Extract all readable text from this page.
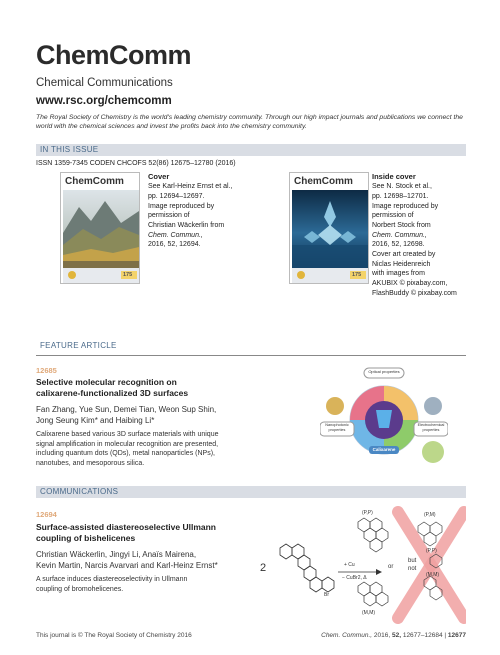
ChemComm
Chemical Communications
www.rsc.org/chemcomm
The Royal Society of Chemistry is the world's leading chemistry community. Through our high impact journals and publications we connect the world with the chemical sciences and invest the profits back into the chemistry community.
IN THIS ISSUE
ISSN 1359-7345 CODEN CHCOFS 52(86) 12675–12780 (2016)
ChemComm
175
Cover
See Karl-Heinz Ernst et al.,
pp. 12694–12697.
Image reproduced by
permission of
Christian Wäckerlin from
Chem. Commun.,
2016, 52, 12694.
ChemComm
175
Inside cover
See N. Stock et al.,
pp. 12698–12701.
Image reproduced by
permission of
Norbert Stock from
Chem. Commun.,
2016, 52, 12698.
Cover art created by
Niclas Heidenreich
with images from
AKUBIX © pixabay.com,
FlashBuddy © pixabay.com
FEATURE ARTICLE
12685
Selective molecular recognition on
calixarene-functionalized 3D surfaces
Fan Zhang, Yue Sun, Demei Tian, Weon Sup Shin,
Jong Seung Kim* and Haibing Li*
Calixarene based various 3D surface materials with unique
signal amplification in molecular recognition are presented,
including quantum dots (QDs), metal nanoparticles (NPs),
nanotubes, and mesoporous silica.
Optical properties
Nanophotonic properties
Electrochemical properties
Calixarene
COMMUNICATIONS
12694
Surface-assisted diastereoselective Ullmann
coupling of bishelicenes
Christian Wäckerlin, Jingyi Li, Anaïs Mairena,
Kevin Martin, Narcis Avarvari and Karl-Heinz Ernst*
A surface induces diastereoselectivity in Ullmann
coupling of bromohelicenes.
2
Br
+ Cu
− CuBr2, Δ
or
but
not
(P,P)
(M,M)
(P,M)
(P,P)
(M,M)
This journal is © The Royal Society of Chemistry 2016	Chem. Commun., 2016, 52, 12677–12684 | 12677
